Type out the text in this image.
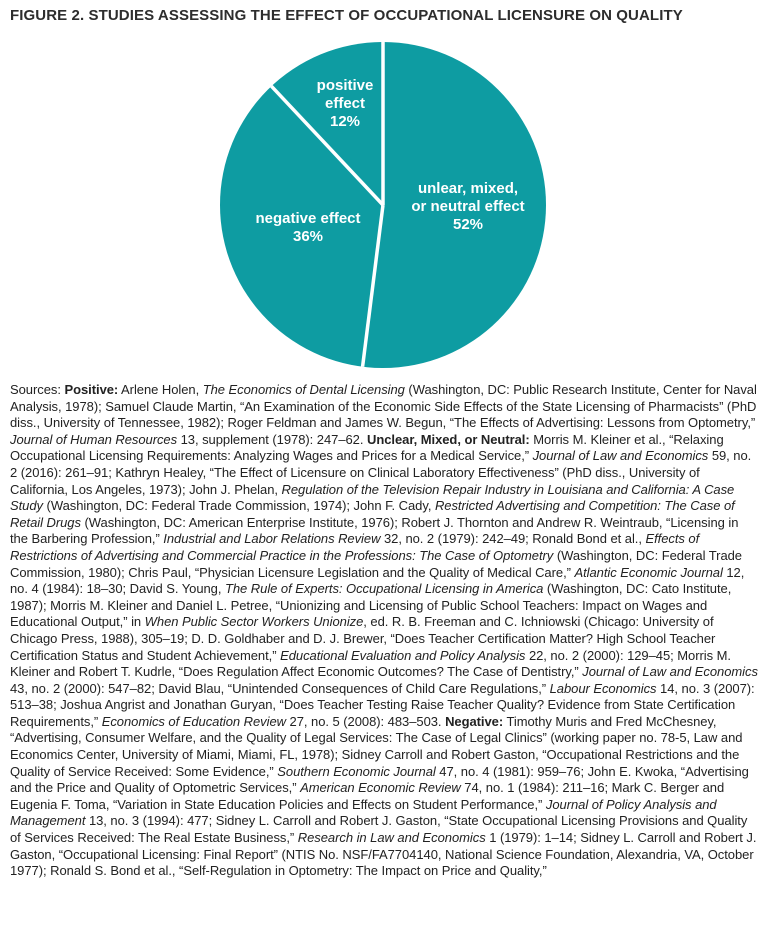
FIGURE 2. STUDIES ASSESSING THE EFFECT OF OCCUPATIONAL LICENSURE ON QUALITY
unlear, mixed,
or neutral effect
52%
negative effect
36%
positive
effect
12%
Sources: Positive: Arlene Holen, The Economics of Dental Licensing (Washington, DC: Public Research Institute, Center for Naval Analysis, 1978); Samuel Claude Martin, “An Examination of the Economic Side Effects of the State Licensing of Pharmacists” (PhD diss., University of Tennessee, 1982); Roger Feldman and James W. Begun, “The Effects of Advertising: Lessons from Optometry,” Journal of Human Resources 13, supplement (1978): 247–62. Unclear, Mixed, or Neutral: Morris M. Kleiner et al., “Relaxing Occupational Licensing Requirements: Analyzing Wages and Prices for a Medical Service,” Journal of Law and Economics 59, no. 2 (2016): 261–91; Kathryn Healey, “The Effect of Licensure on Clinical Laboratory Effectiveness” (PhD diss., University of California, Los Angeles, 1973); John J. Phelan, Regulation of the Television Repair Industry in Louisiana and California: A Case Study (Washington, DC: Federal Trade Commission, 1974); John F. Cady, Restricted Advertising and Competition: The Case of Retail Drugs (Washington, DC: American Enterprise Institute, 1976); Robert J. Thornton and Andrew R. Weintraub, “Licensing in the Barbering Profession,” Industrial and Labor Relations Review 32, no. 2 (1979): 242–49; Ronald Bond et al., Effects of Restrictions of Advertising and Commercial Practice in the Professions: The Case of Optometry (Washington, DC: Federal Trade Commission, 1980); Chris Paul, “Physician Licensure Legislation and the Quality of Medical Care,” Atlantic Economic Journal 12, no. 4 (1984): 18–30; David S. Young, The Rule of Experts: Occupational Licensing in America (Washington, DC: Cato Institute, 1987); Morris M. Kleiner and Daniel L. Petree, “Unionizing and Licensing of Public School Teachers: Impact on Wages and Educational Output,” in When Public Sector Workers Unionize, ed. R. B. Freeman and C. Ichniowski (Chicago: University of Chicago Press, 1988), 305–19; D. D. Goldhaber and D. J. Brewer, “Does Teacher Certification Matter? High School Teacher Certification Status and Student Achievement,” Educational Evaluation and Policy Analysis 22, no. 2 (2000): 129–45; Morris M. Kleiner and Robert T. Kudrle, “Does Regulation Affect Economic Outcomes? The Case of Dentistry,” Journal of Law and Economics 43, no. 2 (2000): 547–82; David Blau, “Unintended Consequences of Child Care Regulations,” Labour Economics 14, no. 3 (2007): 513–38; Joshua Angrist and Jonathan Guryan, “Does Teacher Testing Raise Teacher Quality? Evidence from State Certification Requirements,” Economics of Education Review 27, no. 5 (2008): 483–503. Negative: Timothy Muris and Fred McChesney, “Advertising, Consumer Welfare, and the Quality of Legal Services: The Case of Legal Clinics” (working paper no. 78-5, Law and Economics Center, University of Miami, Miami, FL, 1978); Sidney Carroll and Robert Gaston, “Occupational Restrictions and the Quality of Service Received: Some Evidence,” Southern Economic Journal 47, no. 4 (1981): 959–76; John E. Kwoka, “Advertising and the Price and Quality of Optometric Services,” American Economic Review 74, no. 1 (1984): 211–16; Mark C. Berger and Eugenia F. Toma, “Variation in State Education Policies and Effects on Student Performance,” Journal of Policy Analysis and Management 13, no. 3 (1994): 477; Sidney L. Carroll and Robert J. Gaston, “State Occupational Licensing Provisions and Quality of Services Received: The Real Estate Business,” Research in Law and Economics 1 (1979): 1–14; Sidney L. Carroll and Robert J. Gaston, “Occupational Licensing: Final Report” (NTIS No. NSF/FA7704140, National Science Foundation, Alexandria, VA, October 1977); Ronald S. Bond et al., “Self-Regulation in Optometry: The Impact on Price and Quality,”
